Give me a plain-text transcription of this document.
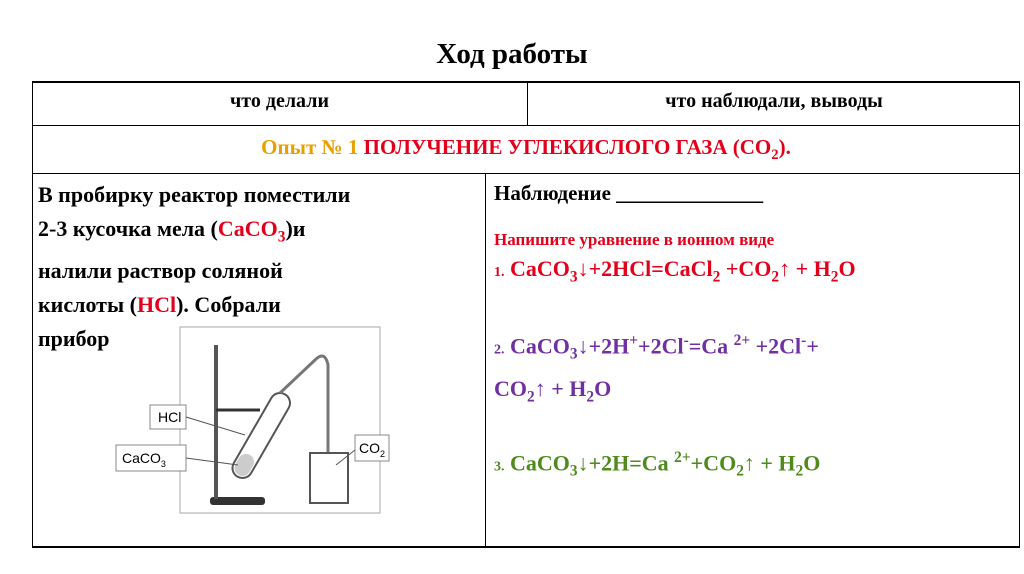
Ход работы
что делали	что наблюдали, выводы
Опыт № 1 ПОЛУЧЕНИЕ УГЛЕКИСЛОГО ГАЗА $(CO_2)$.
В пробирку реактор поместили
2-3 кусочка мела (CaCO$_3$)и
налили раствор соляной
кислоты (HCl). Собрали
прибор
Наблюдение ______________
Напишите уравнение в ионном виде
1. CaCO$_3$↓+2HCl=CaCl$_2$ $+CO_2↑ + H_2O$
2. CaCO$_3$↓+2H++2Cl-=Ca $^{2+}$ +2Cl-+
$CO_2↑ + H_2O$
3. CaCO$_3$↓+2H=Ca $^{2+}+CO_2↑ + H_2O$
HCl
CaCO$_3$
$CO_2$
